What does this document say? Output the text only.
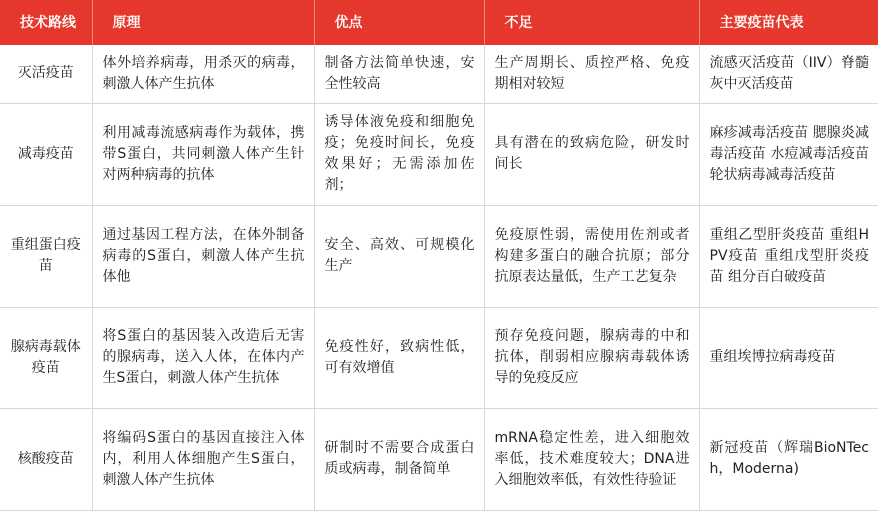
技术路线	原理	优点	不足	主要疫苗代表
灭活疫苗	体外培养病毒，用杀灭的病毒，刺激人体产生抗体	制备方法简单快速，安全性较高	生产周期长、质控严格、免疫期相对较短	流感灭活疫苗（IIV）脊髓灰中灭活疫苗
减毒疫苗	利用减毒流感病毒作为载体，携带S蛋白，共同刺激人体产生针对两种病毒的抗体	诱导体液免疫和细胞免疫；免疫时间长，免疫效果好；无需添加佐剂；	具有潜在的致病危险，研发时间长	麻疹减毒活疫苗 腮腺炎减毒活疫苗 水痘减毒活疫苗 轮状病毒减毒活疫苗
重组蛋白疫苗	通过基因工程方法，在体外制备病毒的S蛋白，刺激人体产生抗体他	安全、高效、可规模化生产	免疫原性弱，需使用佐剂或者构建多蛋白的融合抗原；部分抗原表达量低，生产工艺复杂	重组乙型肝炎疫苗 重组HPV疫苗 重组戊型肝炎疫苗 组分百白破疫苗
腺病毒载体疫苗	将S蛋白的基因装入改造后无害的腺病毒，送入人体，在体内产生S蛋白，刺激人体产生抗体	免疫性好，致病性低，可有效增值	预存免疫问题，腺病毒的中和抗体，削弱相应腺病毒载体诱导的免疫反应	重组埃博拉病毒疫苗
核酸疫苗	将编码S蛋白的基因直接注入体内，利用人体细胞产生S蛋白，刺激人体产生抗体	研制时不需要合成蛋白质或病毒，制备简单	mRNA稳定性差，进入细胞效率低，技术难度较大；DNA进入细胞效率低，有效性待验证	新冠疫苗（辉瑞BioNTech，Moderna)
